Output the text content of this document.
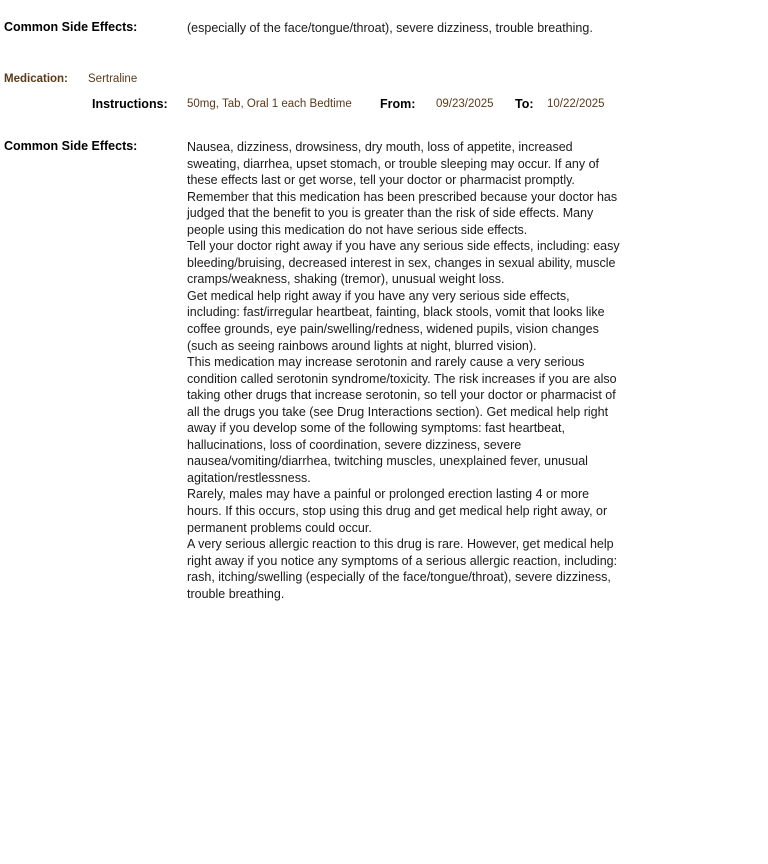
Common Side Effects:	(especially of the face/tongue/throat), severe dizziness, trouble breathing.
Medication: Sertraline
Instructions: 50mg, Tab, Oral 1 each Bedtime From: 09/23/2025 To: 10/22/2025
Common Side Effects:	Nausea, dizziness, drowsiness, dry mouth, loss of appetite, increased sweating, diarrhea, upset stomach, or trouble sleeping may occur. If any of these effects last or get worse, tell your doctor or pharmacist promptly.

Remember that this medication has been prescribed because your doctor has judged that the benefit to you is greater than the risk of side effects. Many people using this medication do not have serious side effects.

Tell your doctor right away if you have any serious side effects, including: easy bleeding/bruising, decreased interest in sex, changes in sexual ability, muscle cramps/weakness, shaking (tremor), unusual weight loss.

Get medical help right away if you have any very serious side effects, including: fast/irregular heartbeat, fainting, black stools, vomit that looks like coffee grounds, eye pain/swelling/redness, widened pupils, vision changes (such as seeing rainbows around lights at night, blurred vision).

This medication may increase serotonin and rarely cause a very serious condition called serotonin syndrome/toxicity. The risk increases if you are also taking other drugs that increase serotonin, so tell your doctor or pharmacist of all the drugs you take (see Drug Interactions section). Get medical help right away if you develop some of the following symptoms: fast heartbeat, hallucinations, loss of coordination, severe dizziness, severe nausea/vomiting/diarrhea, twitching muscles, unexplained fever, unusual agitation/restlessness.

Rarely, males may have a painful or prolonged erection lasting 4 or more hours. If this occurs, stop using this drug and get medical help right away, or permanent problems could occur.

A very serious allergic reaction to this drug is rare. However, get medical help right away if you notice any symptoms of a serious allergic reaction, including: rash, itching/swelling (especially of the face/tongue/throat), severe dizziness, trouble breathing.
